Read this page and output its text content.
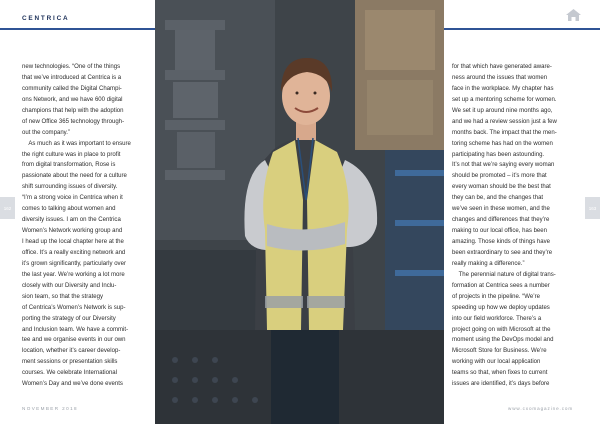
CENTRICA
new technologies. “One of the things
that we’ve introduced at Centrica is a
community called the Digital Champi-
ons Network, and we have 600 digital
champions that help with the adoption
of new Office 365 technology through-
out the company.”
As much as it was important to ensure
the right culture was in place to profit
from digital transformation, Rose is
passionate about the need for a culture
shift surrounding issues of diversity.
“I’m a strong voice in Centrica when it
comes to talking about women and
diversity issues. I am on the Centrica
Women’s Network working group and
I head up the local chapter here at the
office. It’s a really exciting network and
it’s grown significantly, particularly over
the last year. We’re working a lot more
closely with our Diversity and Inclu-
sion team, so that the strategy
of Centrica’s Women’s Network is sup-
porting the strategy of our Diversity
and Inclusion team. We have a commit-
tee and we organise events in our own
location, whether it’s career develop-
ment sessions or presentation skills
courses. We celebrate International
Women’s Day and we’ve done events
for that which have generated aware-
ness around the issues that women
face in the workplace. My chapter has
set up a mentoring scheme for women.
We set it up around nine months ago,
and we had a review session just a few
months back. The impact that the men-
toring scheme has had on the women
participating has been astounding.
It’s not that we’re saying every woman
should be promoted – it’s more that
every woman should be the best that
they can be, and the changes that
we’ve seen in these women, and the
changes and differences that they’re
making to our local office, has been
amazing. Those kinds of things have
been extraordinary to see and they’re
really making a difference.”
The perennial nature of digital trans-
formation at Centrica sees a number
of projects in the pipeline. “We’re
speeding up how we deploy updates
into our field workforce. There’s a
project going on with Microsoft at the
moment using the DevOps model and
Microsoft Store for Business. We’re
working with our local application
teams so that, when fixes to current
issues are identified, it’s days before
162	163
NOVEMBER 2018	www.cxomagazine.com
